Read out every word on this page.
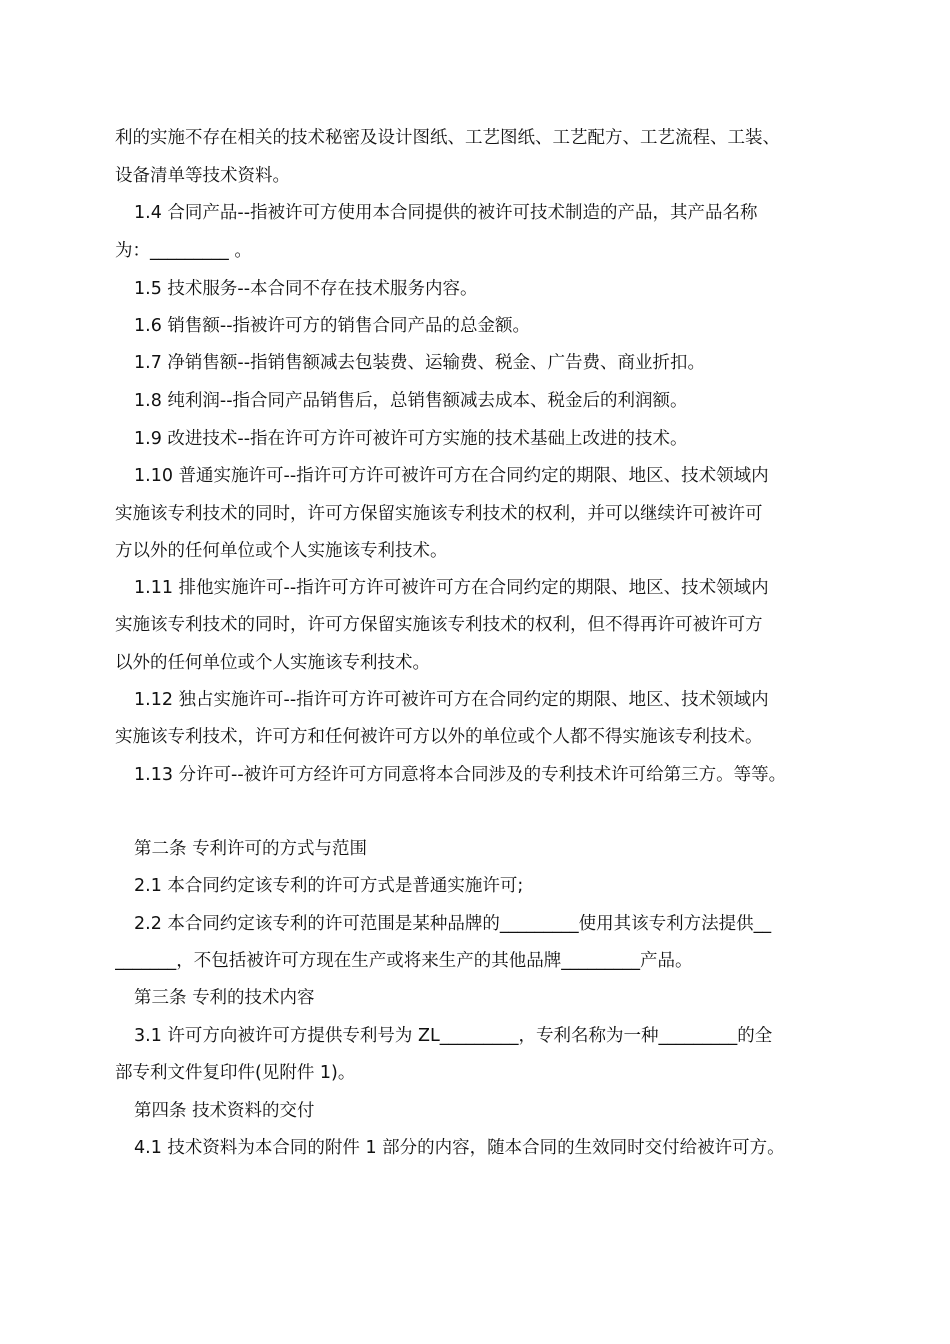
利的实施不存在相关的技术秘密及设计图纸、工艺图纸、工艺配方、工艺流程、工装、
设备清单等技术资料。
1.4 合同产品--指被许可方使用本合同提供的被许可技术制造的产品，其产品名称
为：_________ 。
1.5 技术服务--本合同不存在技术服务内容。
1.6 销售额--指被许可方的销售合同产品的总金额。
1.7 净销售额--指销售额减去包装费、运输费、税金、广告费、商业折扣。
1.8 纯利润--指合同产品销售后，总销售额减去成本、税金后的利润额。
1.9 改进技术--指在许可方许可被许可方实施的技术基础上改进的技术。
1.10 普通实施许可--指许可方许可被许可方在合同约定的期限、地区、技术领域内
实施该专利技术的同时，许可方保留实施该专利技术的权利，并可以继续许可被许可
方以外的任何单位或个人实施该专利技术。
1.11 排他实施许可--指许可方许可被许可方在合同约定的期限、地区、技术领域内
实施该专利技术的同时，许可方保留实施该专利技术的权利，但不得再许可被许可方
以外的任何单位或个人实施该专利技术。
1.12 独占实施许可--指许可方许可被许可方在合同约定的期限、地区、技术领域内
实施该专利技术，许可方和任何被许可方以外的单位或个人都不得实施该专利技术。
1.13 分许可--被许可方经许可方同意将本合同涉及的专利技术许可给第三方。等等。
第二条 专利许可的方式与范围
2.1 本合同约定该专利的许可方式是普通实施许可;
2.2 本合同约定该专利的许可范围是某种品牌的_________使用其该专利方法提供__
_______，不包括被许可方现在生产或将来生产的其他品牌_________产品。
第三条 专利的技术内容
3.1 许可方向被许可方提供专利号为 ZL_________，专利名称为一种_________的全
部专利文件复印件(见附件 1)。
第四条 技术资料的交付
4.1 技术资料为本合同的附件 1 部分的内容，随本合同的生效同时交付给被许可方。
